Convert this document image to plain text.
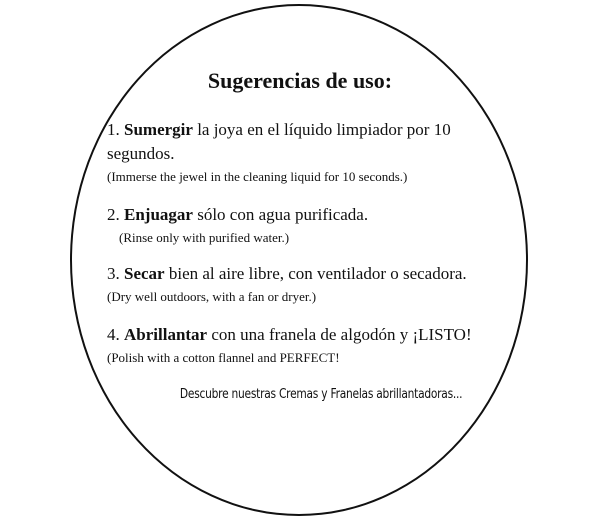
Sugerencias de uso:

1. Sumergir la joya en el líquido limpiador por 10 segundos.

(Immerse the jewel in the cleaning liquid for 10 seconds.)

2. Enjuagar sólo con agua purificada.

(Rinse only with purified water.)

3. Secar bien al aire libre, con ventilador o secadora.

(Dry well outdoors, with a fan or dryer.)

4. Abrillantar con una franela de algodón y ¡LISTO!

(Polish with a cotton flannel and PERFECT!

Descubre nuestras Cremas y Franelas abrillantadoras...
